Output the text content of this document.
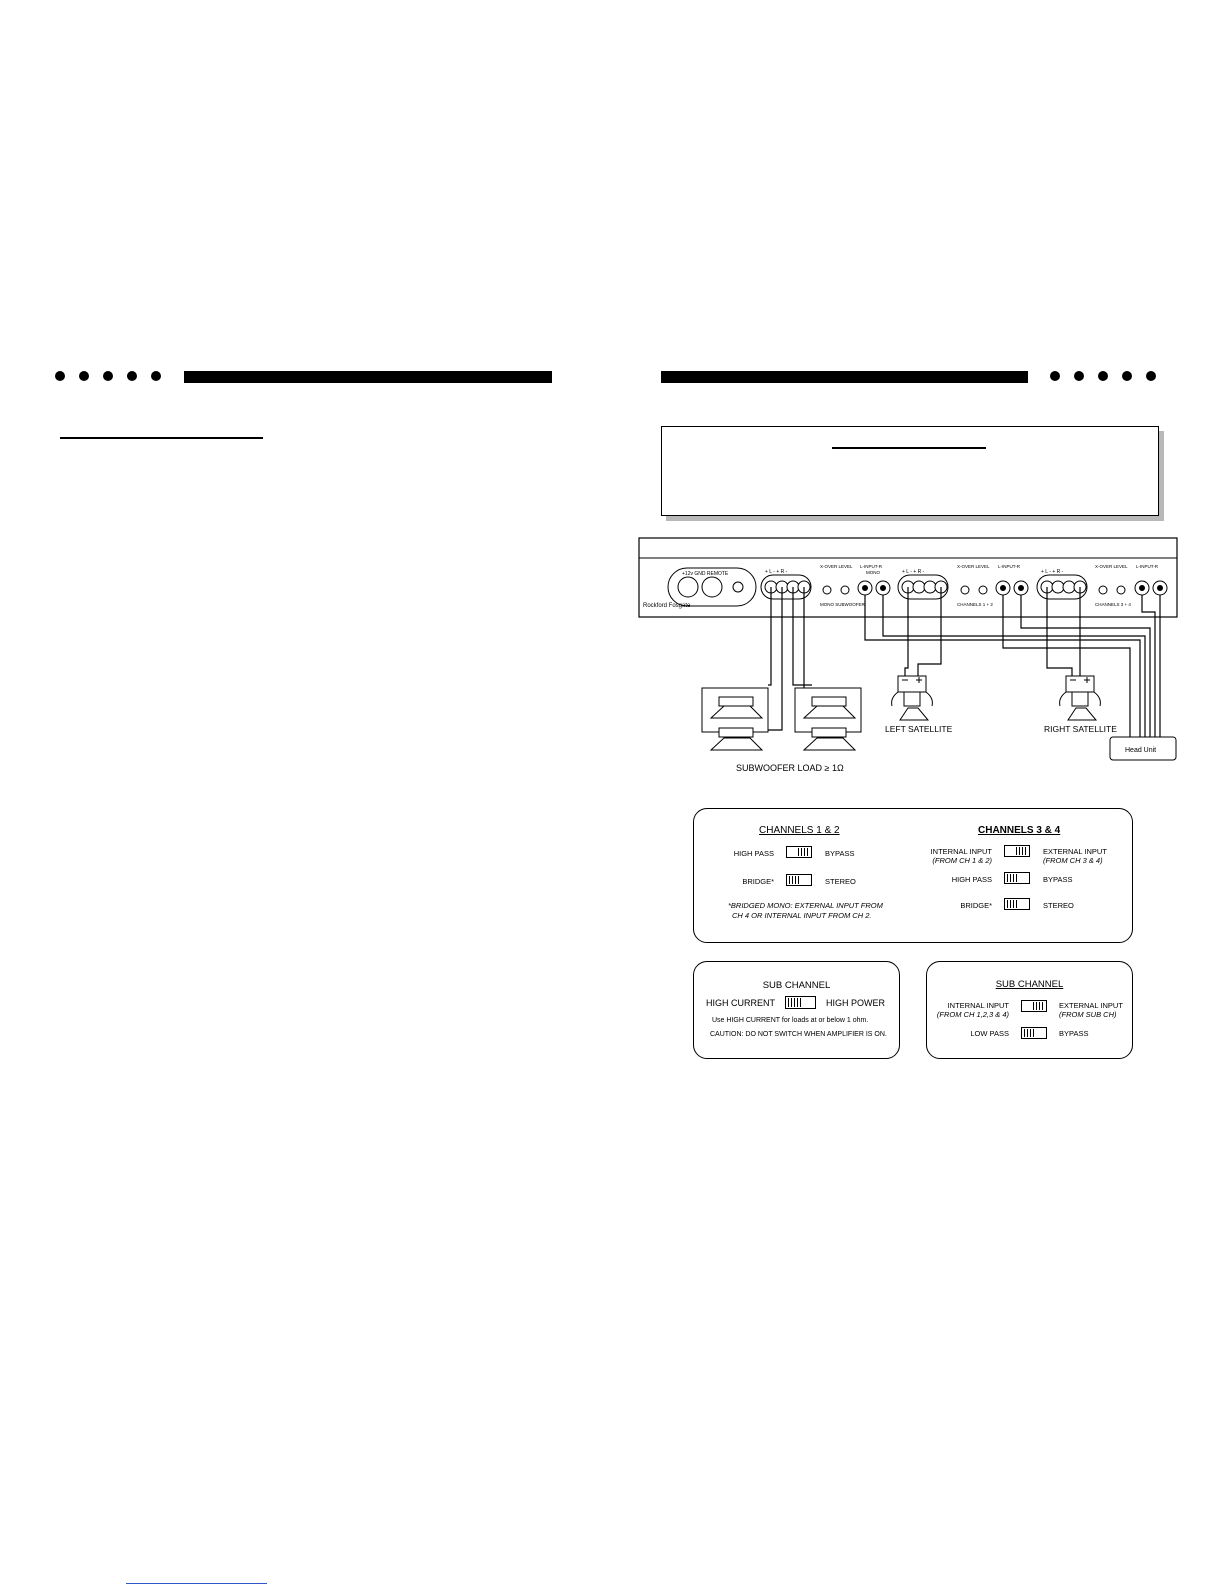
+12v GND REMOTE
Rockford Fosgate
+ L - + R -
X-OVER LEVEL L-INPUT-R
MONO
MONO SUBWOOFER
+ L - + R -
X-OVER LEVEL L-INPUT-R
CHANNELS 1 + 2
+ L - + R -
X-OVER LEVEL L-INPUT-R
CHANNELS 3 + 4
LEFT SATELLITE	RIGHT SATELLITE
Head Unit
SUBWOOFER LOAD ≥ 1Ω
CHANNELS 1 & 2
HIGH PASS	BYPASS
BRIDGE*	STEREO
*BRIDGED MONO: EXTERNAL INPUT FROM
CH 4 OR INTERNAL INPUT FROM CH 2.
CHANNELS 3 & 4
INTERNAL INPUT
(FROM CH 1 & 2)
EXTERNAL INPUT
(FROM CH 3 & 4)
HIGH PASS	BYPASS
BRIDGE*	STEREO
SUB CHANNEL
HIGH CURRENT	HIGH POWER
Use HIGH CURRENT for loads at or below 1 ohm.
CAUTION: DO NOT SWITCH WHEN AMPLIFIER IS ON.
SUB CHANNEL
INTERNAL INPUT
(FROM CH 1,2,3 & 4)
EXTERNAL INPUT
(FROM SUB CH)
LOW PASS	BYPASS
